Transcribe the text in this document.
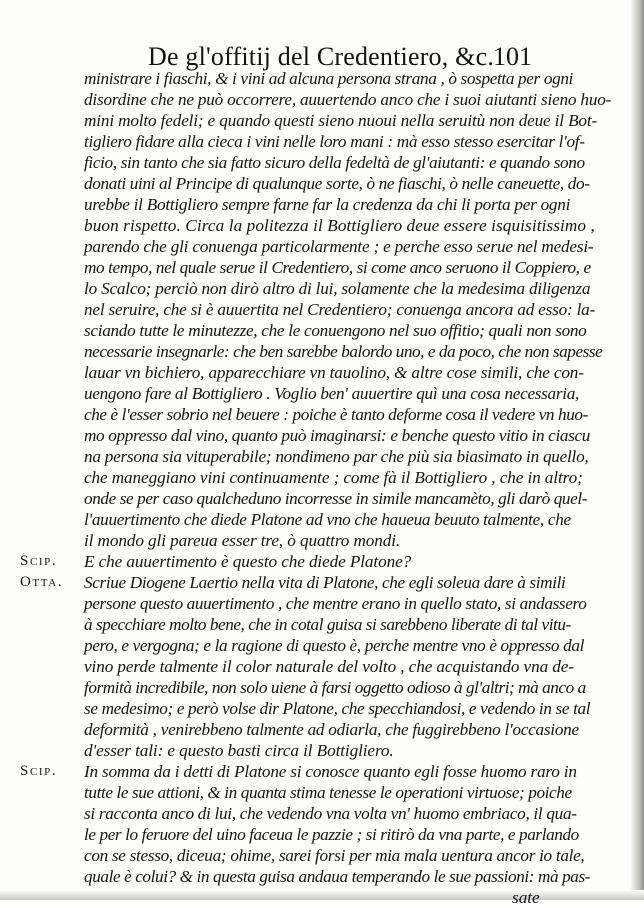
De gl'offitij del Credentiero, &c.
101
ministrare i fiaschi, & i vini ad alcuna persona strana , ò sospetta per ogni
disordine che ne può occorrere, auuertendo anco che i suoi aiutanti sieno huo-
mini molto fedeli; e quando questi sieno nuoui nella seruitù non deue il Bot-
tigliero fidare alla cieca i vini nelle loro mani : mà esso stesso esercitar l'of-
ficio, sin tanto che sia fatto sicuro della fedeltà de gl'aiutanti: e quando sono
donati uini al Principe di qualunque sorte, ò ne fiaschi, ò nelle caneuette, do-
urebbe il Bottigliero sempre farne far la credenza da chi li porta per ogni
buon rispetto. Circa la politezza il Bottigliero deue essere isquisitissimo ,
parendo che gli conuenga particolarmente ; e perche esso serue nel medesi-
mo tempo, nel quale serue il Credentiero, si come anco seruono il Coppiero, e
lo Scalco; perciò non dirò altro di lui, solamente che la medesima diligenza
nel seruire, che si è auuertita nel Credentiero; conuenga ancora ad esso: la-
sciando tutte le minutezze, che le conuengono nel suo offitio; quali non sono
necessarie insegnarle: che ben sarebbe balordo uno, e da poco, che non sapesse
lauar vn bichiero, apparecchiare vn tauolino, & altre cose simili, che con-
uengono fare al Bottigliero . Voglio ben' auuertire quì una cosa necessaria,
che è l'esser sobrio nel beuere : poiche è tanto deforme cosa il vedere vn huo-
mo oppresso dal vino, quanto può imaginarsi: e benche questo vitio in ciascu
na persona sia vituperabile; nondimeno par che più sia biasimato in quello,
che maneggiano vini continuamente ; come fà il Bottigliero , che in altro;
onde se per caso qualcheduno incorresse in simile mancamèto, gli darò quel-
l'auuertimento che diede Platone ad vno che haueua beuuto talmente, che
il mondo gli pareua esser tre, ò quattro mondi.
Scip. E che auuertimento è questo che diede Platone?
Otta. Scriue Diogene Laertio nella vita di Platone, che egli soleua dare à simili
persone questo auuertimento , che mentre erano in quello stato, si andassero
à specchiare molto bene, che in cotal guisa si sarebbeno liberate di tal vitu-
pero, e vergogna; e la ragione di questo è, perche mentre vno è oppresso dal
vino perde talmente il color naturale del volto , che acquistando vna de-
formità incredibile, non solo uiene à farsi oggetto odioso à gl'altri; mà anco a
se medesimo; e però volse dir Platone, che specchiandosi, e vedendo in se tal
deformità , venirebbeno talmente ad odiarla, che fuggirebbeno l'occasione
d'esser tali: e questo basti circa il Bottigliero.
Scip. In somma da i detti di Platone si conosce quanto egli fosse huomo raro in
tutte le sue attioni, & in quanta stima tenesse le operationi virtuose; poiche
si racconta anco di lui, che vedendo vna volta vn' huomo embriaco, il qua-
le per lo feruore del uino faceua le pazzie ; si ritirò da vna parte, e parlando
con se stesso, diceua; ohime, sarei forsi per mia mala uentura ancor io tale,
quale è colui? & in questa guisa andaua temperando le sue passioni: mà pas-
sate
